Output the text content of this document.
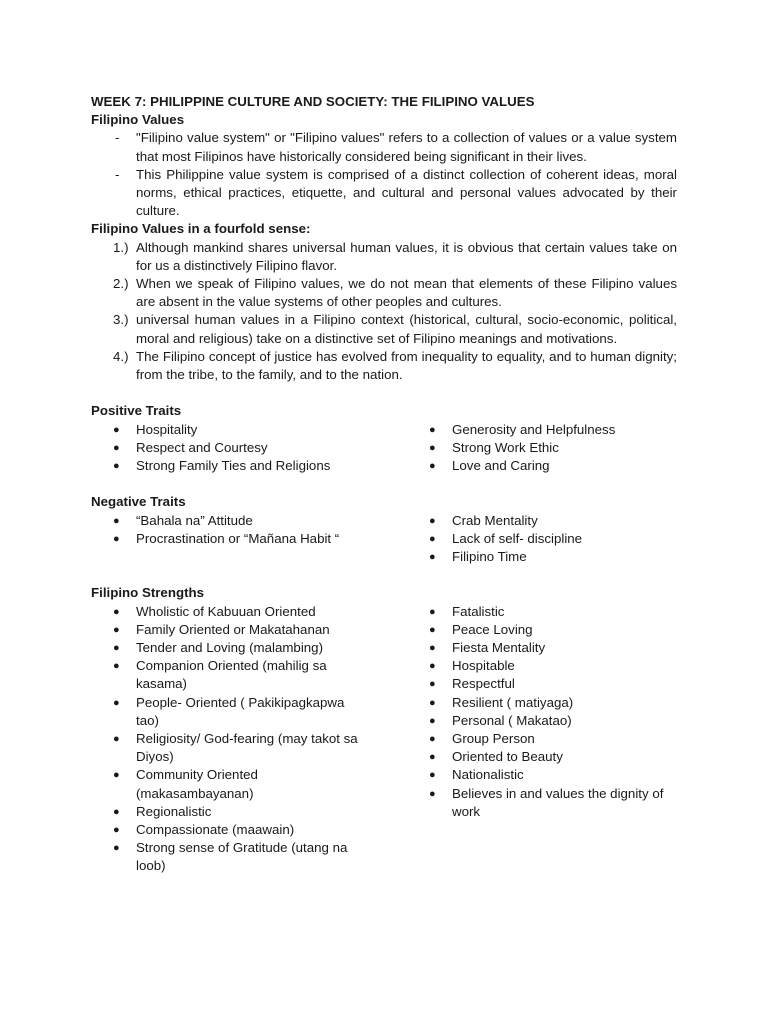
WEEK 7: PHILIPPINE CULTURE AND SOCIETY: THE FILIPINO VALUES
Filipino Values
- "Filipino value system" or "Filipino values" refers to a collection of values or a value system that most Filipinos have historically considered being significant in their lives.
- This Philippine value system is comprised of a distinct collection of coherent ideas, moral norms, ethical practices, etiquette, and cultural and personal values advocated by their culture.
Filipino Values in a fourfold sense:
1.) Although mankind shares universal human values, it is obvious that certain values take on for us a distinctively Filipino flavor.
2.) When we speak of Filipino values, we do not mean that elements of these Filipino values are absent in the value systems of other peoples and cultures.
3.) universal human values in a Filipino context (historical, cultural, socio-economic, political, moral and religious) take on a distinctive set of Filipino meanings and motivations.
4.) The Filipino concept of justice has evolved from inequality to equality, and to human dignity; from the tribe, to the family, and to the nation.
Positive Traits
● Hospitality
● Respect and Courtesy
● Strong Family Ties and Religions
● Generosity and Helpfulness
● Strong Work Ethic
● Love and Caring
Negative Traits
● “Bahala na” Attitude
● Procrastination or “Mañana Habit “
● Crab Mentality
● Lack of self- discipline
● Filipino Time
Filipino Strengths
● Wholistic of Kabuuan Oriented
● Family Oriented or Makatahanan
● Tender and Loving (malambing)
● Companion Oriented (mahilig sa kasama)
● People- Oriented ( Pakikipagkapwa tao)
● Religiosity/ God-fearing (may takot sa Diyos)
● Community Oriented (makasambayanan)
● Regionalistic
● Compassionate (maawain)
● Strong sense of Gratitude (utang na loob)
● Fatalistic
● Peace Loving
● Fiesta Mentality
● Hospitable
● Respectful
● Resilient ( matiyaga)
● Personal ( Makatao)
● Group Person
● Oriented to Beauty
● Nationalistic
● Believes in and values the dignity of work
